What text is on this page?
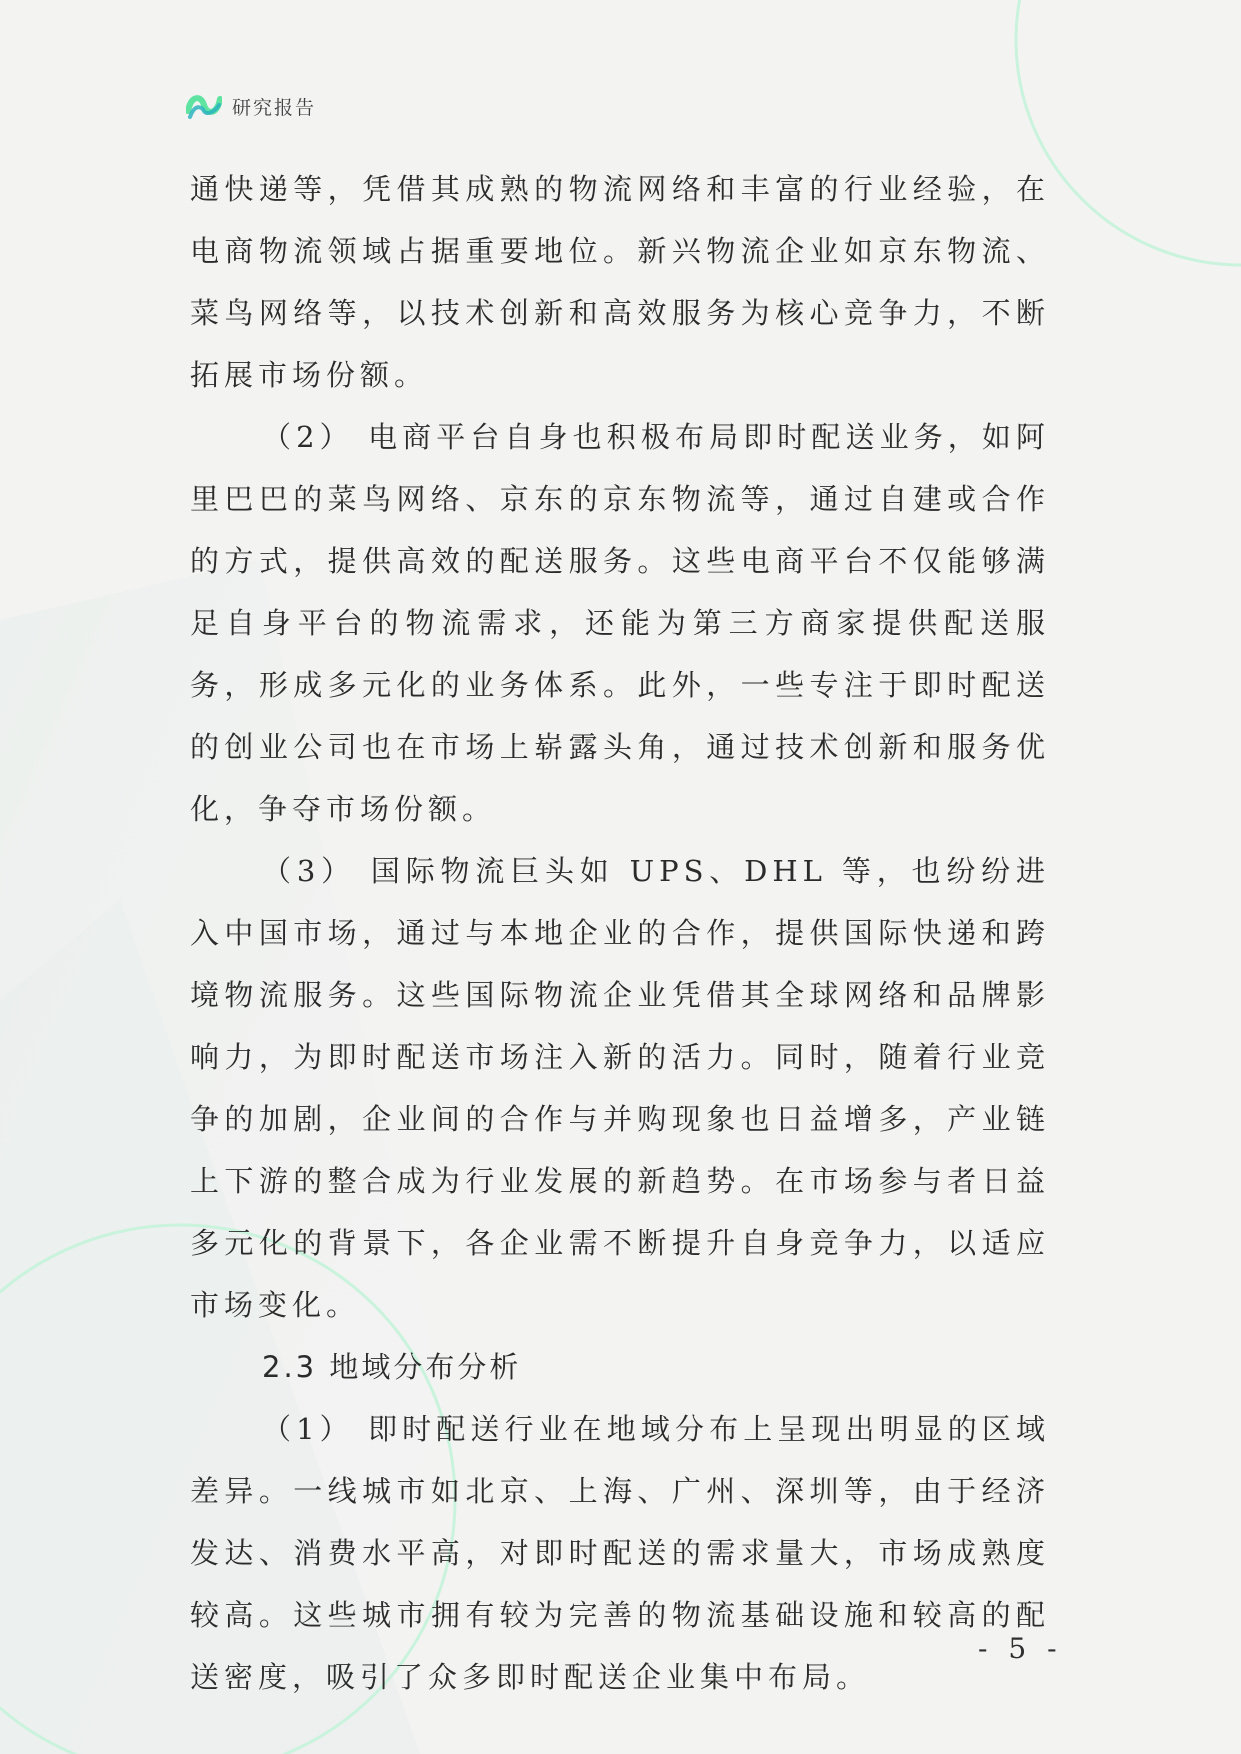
研究报告

通快递等，凭借其成熟的物流网络和丰富的行业经验，在电商物流领域占据重要地位。新兴物流企业如京东物流、菜鸟网络等，以技术创新和高效服务为核心竞争力，不断拓展市场份额。

（2） 电商平台自身也积极布局即时配送业务，如阿里巴巴的菜鸟网络、京东的京东物流等，通过自建或合作的方式，提供高效的配送服务。这些电商平台不仅能够满足自身平台的物流需求，还能为第三方商家提供配送服务，形成多元化的业务体系。此外，一些专注于即时配送的创业公司也在市场上崭露头角，通过技术创新和服务优化，争夺市场份额。

（3） 国际物流巨头如 UPS、DHL 等，也纷纷进入中国市场，通过与本地企业的合作，提供国际快递和跨境物流服务。这些国际物流企业凭借其全球网络和品牌影响力，为即时配送市场注入新的活力。同时，随着行业竞争的加剧，企业间的合作与并购现象也日益增多，产业链上下游的整合成为行业发展的新趋势。在市场参与者日益多元化的背景下，各企业需不断提升自身竞争力，以适应市场变化。

2.3 地域分布分析

（1） 即时配送行业在地域分布上呈现出明显的区域差异。一线城市如北京、上海、广州、深圳等，由于经济发达、消费水平高，对即时配送的需求量大，市场成熟度较高。这些城市拥有较为完善的物流基础设施和较高的配送密度，吸引了众多即时配送企业集中布局。

- 5 -
